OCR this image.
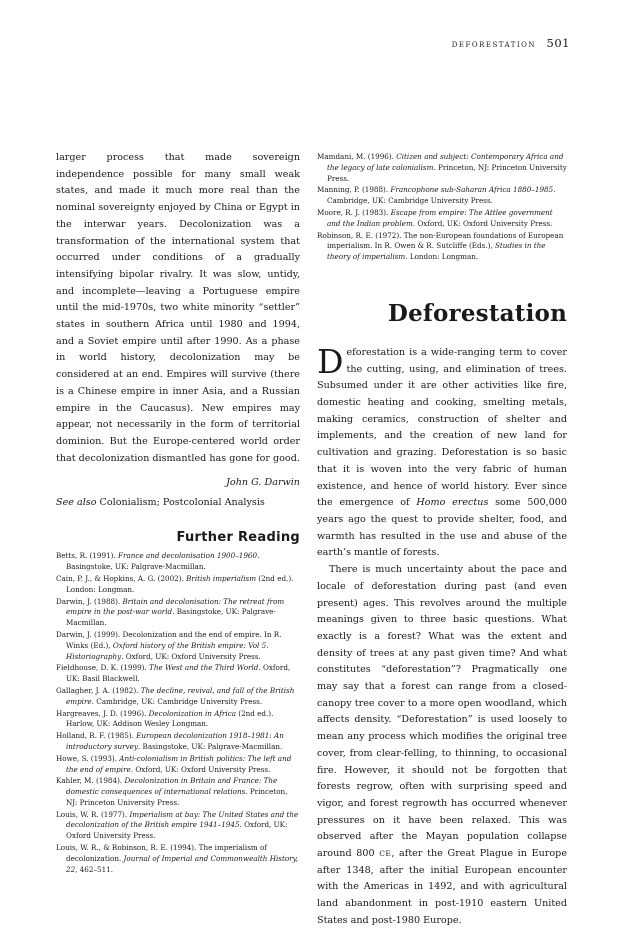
deforestation 501

larger process that made sovereign independence possible for many small weak states, and made it much more real than the nominal sovereignty enjoyed by China or Egypt in the interwar years. Decolonization was a transformation of the international system that occurred under conditions of a gradually intensifying bipolar rivalry. It was slow, untidy, and incomplete—leaving a Portuguese empire until the mid-1970s, two white minority “settler” states in southern Africa until 1980 and 1994, and a Soviet empire until after 1990. As a phase in world history, decolonization may be considered at an end. Empires will survive (there is a Chinese empire in inner Asia, and a Russian empire in the Caucasus). New empires may appear, not necessarily in the form of territorial dominion. But the Europe-centered world order that decolonization dismantled has gone for good.

John G. Darwin

See also Colonialism; Postcolonial Analysis

Further Reading

Betts, R. (1991). France and decolonisation 1900–1960. Basingstoke, UK: Palgrave-Macmillan.

Cain, P. J., & Hopkins, A. G. (2002). British imperialism (2nd ed.). London: Longman.

Darwin, J. (1988). Britain and decolonisation: The retreat from empire in the post-war world. Basingstoke, UK: Palgrave-Macmillan.

Darwin, J. (1999). Decolonization and the end of empire. In R. Winks (Ed.), Oxford history of the British empire: Vol 5. Historiography. Oxford, UK: Oxford University Press.

Fieldhouse, D. K. (1999). The West and the Third World. Oxford, UK: Basil Blackwell.

Gallagher, J. A. (1982). The decline, revival, and fall of the British empire. Cambridge, UK: Cambridge University Press.

Hargreaves, J. D. (1996). Decolonization in Africa (2nd ed.). Harlow, UK: Addison Wesley Longman.

Holland, R. F. (1985). European decolonization 1918–1981: An introductory survey. Basingstoke, UK: Palgrave-Macmillan.

Howe, S. (1993). Anti-colonialism in British politics: The left and the end of empire. Oxford, UK: Oxford University Press.

Kahler, M. (1984). Decolonization in Britain and France: The domestic consequences of international relations. Princeton, NJ: Princeton University Press.

Louis, W. R. (1977). Imperialism at bay: The United States and the decolonization of the British empire 1941–1945. Oxford, UK: Oxford University Press.

Louis, W. R., & Robinson, R. E. (1994). The imperialism of decolonization. Journal of Imperial and Commonwealth History, 22, 462–511.

Mamdani, M. (1996). Citizen and subject: Contemporary Africa and the legacy of late colonialism. Princeton, NJ: Princeton University Press.

Manning, P. (1988). Francophone sub-Saharan Africa 1880–1985. Cambridge, UK: Cambridge University Press.

Moore, R. J. (1983). Escape from empire: The Attlee government and the Indian problem. Oxford, UK: Oxford University Press.

Robinson, R. E. (1972). The non-European foundations of European imperialism. In R. Owen & R. Sutcliffe (Eds.), Studies in the theory of imperialism. London: Longman.

Deforestation

Deforestation is a wide-ranging term to cover the cutting, using, and elimination of trees. Subsumed under it are other activities like fire, domestic heating and cooking, smelting metals, making ceramics, construction of shelter and implements, and the creation of new land for cultivation and grazing. Deforestation is so basic that it is woven into the very fabric of human existence, and hence of world history. Ever since the emergence of Homo erectus some 500,000 years ago the quest to provide shelter, food, and warmth has resulted in the use and abuse of the earth’s mantle of forests.

There is much uncertainty about the pace and locale of deforestation during past (and even present) ages. This revolves around the multiple meanings given to three basic questions. What exactly is a forest? What was the extent and density of trees at any past given time? And what constitutes “deforestation”? Pragmatically one may say that a forest can range from a closed-canopy tree cover to a more open woodland, which affects density. “Deforestation” is used loosely to mean any process which modifies the original tree cover, from clear-felling, to thinning, to occasional fire. However, it should not be forgotten that forests regrow, often with surprising speed and vigor, and forest regrowth has occurred whenever pressures on it have been relaxed. This was observed after the Mayan population collapse around 800 CE, after the Great Plague in Europe after 1348, after the initial European encounter with the Americas in 1492, and with agricultural land abandonment in post-1910 eastern United States and post-1980 Europe.
